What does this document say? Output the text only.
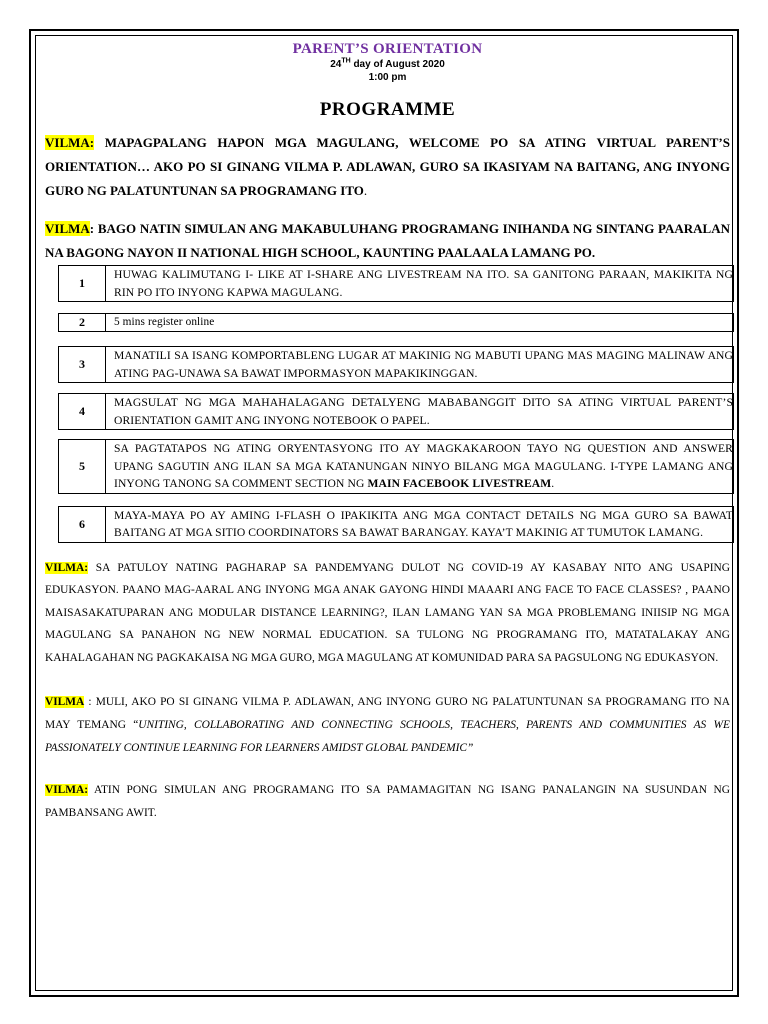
PARENT’S ORIENTATION
24TH day of August 2020
1:00 pm
PROGRAMME

VILMA: MAPAGPALANG HAPON MGA MAGULANG, WELCOME PO SA ATING VIRTUAL PARENT’S ORIENTATION… AKO PO SI GINANG VILMA P. ADLAWAN, GURO SA IKASIYAM NA BAITANG, ANG INYONG GURO NG PALATUNTUNAN SA PROGRAMANG ITO.

VILMA: BAGO NATIN SIMULAN ANG MAKABULUHANG PROGRAMANG INIHANDA NG SINTANG PAARALAN NA BAGONG NAYON II NATIONAL HIGH SCHOOL, KAUNTING PAALAALA LAMANG PO.

1	HUWAG KALIMUTANG I- LIKE AT I-SHARE ANG LIVESTREAM NA ITO. SA GANITONG PARAAN, MAKIKITA NG RIN PO ITO INYONG KAPWA MAGULANG.
2	5 mins register online
3	MANATILI SA ISANG KOMPORTABLENG LUGAR AT MAKINIG NG MABUTI UPANG MAS MAGING MALINAW ANG ATING PAG-UNAWA SA BAWAT IMPORMASYON MAPAKIKINGGAN.
4	MAGSULAT NG MGA MAHAHALAGANG DETALYENG MABABANGGIT DITO SA ATING VIRTUAL PARENT’S ORIENTATION GAMIT ANG INYONG NOTEBOOK O PAPEL.
5	SA PAGTATAPOS NG ATING ORYENTASYONG ITO AY MAGKAKAROON TAYO NG QUESTION AND ANSWER UPANG SAGUTIN ANG ILAN SA MGA KATANUNGAN NINYO BILANG MGA MAGULANG. I-TYPE LAMANG ANG INYONG TANONG SA COMMENT SECTION NG MAIN FACEBOOK LIVESTREAM.
6	MAYA-MAYA PO AY AMING I-FLASH O IPAKIKITA ANG MGA CONTACT DETAILS NG MGA GURO SA BAWAT BAITANG AT MGA SITIO COORDINATORS SA BAWAT BARANGAY. KAYA’T MAKINIG AT TUMUTOK LAMANG.

VILMA: SA PATULOY NATING PAGHARAP SA PANDEMYANG DULOT NG COVID-19 AY KASABAY NITO ANG USAPING EDUKASYON. PAANO MAG-AARAL ANG INYONG MGA ANAK GAYONG HINDI MAAARI ANG FACE TO FACE CLASSES? , PAANO MAISASAKATUPARAN ANG MODULAR DISTANCE LEARNING?, ILAN LAMANG YAN SA MGA PROBLEMANG INIISIP NG MGA MAGULANG SA PANAHON NG NEW NORMAL EDUCATION. SA TULONG NG PROGRAMANG ITO, MATATALAKAY ANG KAHALAGAHAN NG PAGKAKAISA NG MGA GURO, MGA MAGULANG AT KOMUNIDAD PARA SA PAGSULONG NG EDUKASYON.

VILMA : MULI, AKO PO SI GINANG VILMA P. ADLAWAN, ANG INYONG GURO NG PALATUNTUNAN SA PROGRAMANG ITO NA MAY TEMANG “UNITING, COLLABORATING AND CONNECTING SCHOOLS, TEACHERS, PARENTS AND COMMUNITIES AS WE PASSIONATELY CONTINUE LEARNING FOR LEARNERS AMIDST GLOBAL PANDEMIC”

VILMA: ATIN PONG SIMULAN ANG PROGRAMANG ITO SA PAMAMAGITAN NG ISANG PANALANGIN NA SUSUNDAN NG PAMBANSANG AWIT.
